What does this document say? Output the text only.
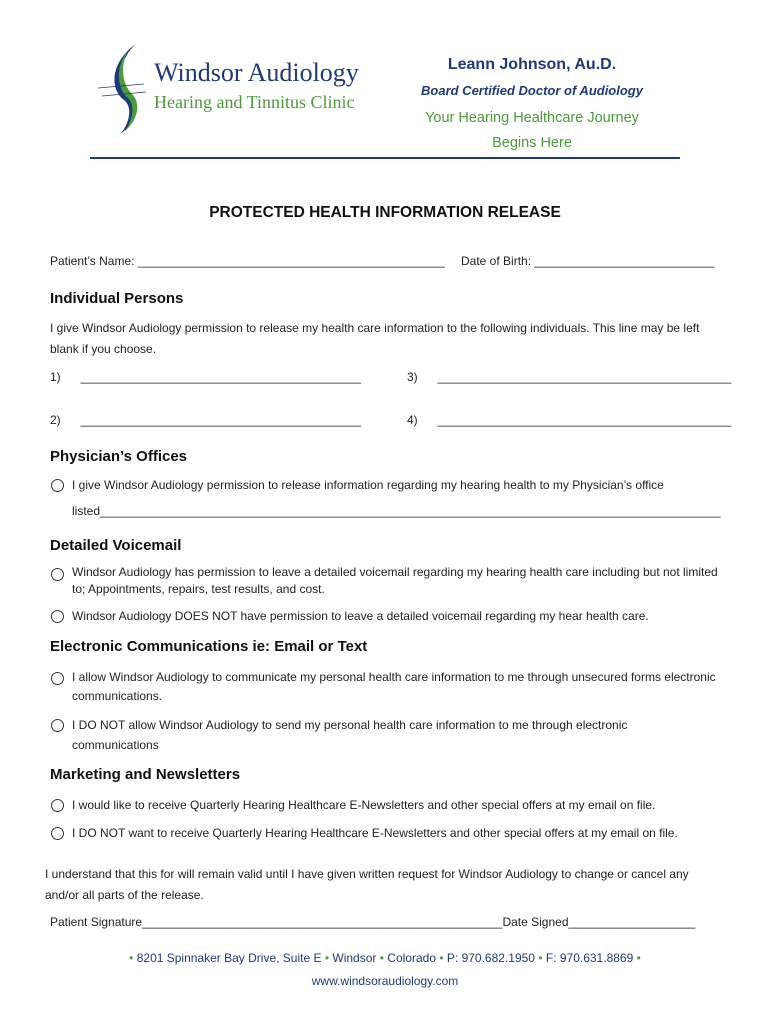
Windsor Audiology
Hearing and Tinnitus Clinic
Leann Johnson, Au.D.
Board Certified Doctor of Audiology
Your Hearing Healthcare Journey
Begins Here
PROTECTED HEALTH INFORMATION RELEASE
Patient’s Name: ______________________________________________ Date of Birth: ___________________________
Individual Persons
I give Windsor Audiology permission to release my health care information to the following individuals. This line may be left blank if you choose.
1)      __________________________________________	3)      ____________________________________________
2)      __________________________________________	4)      ____________________________________________
Physician’s Offices
I give Windsor Audiology permission to release information regarding my hearing health to my Physician’s office
listed_____________________________________________________________________________________________
Detailed Voicemail
Windsor Audiology has permission to leave a detailed voicemail regarding my hearing health care including but not limited to; Appointments, repairs, test results, and cost.
Windsor Audiology DOES NOT have permission to leave a detailed voicemail regarding my hear health care.
Electronic Communications ie: Email or Text
I allow Windsor Audiology to communicate my personal health care information to me through unsecured forms electronic communications.
I DO NOT allow Windsor Audiology to send my personal health care information to me through electronic communications
Marketing and Newsletters
I would like to receive Quarterly Hearing Healthcare E-Newsletters and other special offers at my email on file.
I DO NOT want to receive Quarterly Hearing Healthcare E-Newsletters and other special offers at my email on file.
I understand that this for will remain valid until I have given written request for Windsor Audiology to change or cancel any and/or all parts of the release.
Patient Signature______________________________________________________Date Signed___________________
• 8201 Spinnaker Bay Drive, Suite E • Windsor • Colorado • P: 970.682.1950 • F: 970.631.8869 •
www.windsoraudiology.com
